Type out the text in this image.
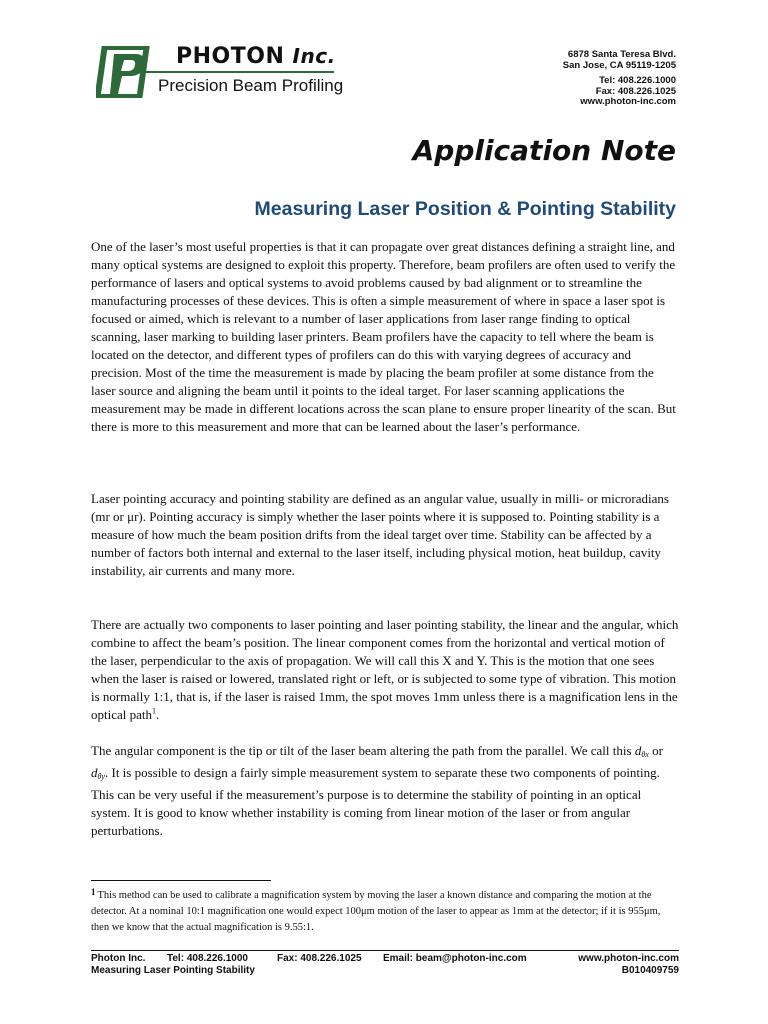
PHOTON Inc.
Precision Beam Profiling
6878 Santa Teresa Blvd.
San Jose, CA 95119-1205
Tel: 408.226.1000
Fax: 408.226.1025
www.photon-inc.com
Application Note
Measuring Laser Position & Pointing Stability

One of the laser’s most useful properties is that it can propagate over great distances defining a straight line, and many optical systems are designed to exploit this property. Therefore, beam profilers are often used to verify the performance of lasers and optical systems to avoid problems caused by bad alignment or to streamline the manufacturing processes of these devices. This is often a simple measurement of where in space a laser spot is focused or aimed, which is relevant to a number of laser applications from laser range finding to optical scanning, laser marking to building laser printers. Beam profilers have the capacity to tell where the beam is located on the detector, and different types of profilers can do this with varying degrees of accuracy and precision. Most of the time the measurement is made by placing the beam profiler at some distance from the laser source and aligning the beam until it points to the ideal target. For laser scanning applications the measurement may be made in different locations across the scan plane to ensure proper linearity of the scan. But there is more to this measurement and more that can be learned about the laser’s performance.

Laser pointing accuracy and pointing stability are defined as an angular value, usually in milli- or microradians (mr or μr). Pointing accuracy is simply whether the laser points where it is supposed to. Pointing stability is a measure of how much the beam position drifts from the ideal target over time. Stability can be affected by a number of factors both internal and external to the laser itself, including physical motion, heat buildup, cavity instability, air currents and many more.

There are actually two components to laser pointing and laser pointing stability, the linear and the angular, which combine to affect the beam’s position. The linear component comes from the horizontal and vertical motion of the laser, perpendicular to the axis of propagation. We will call this X and Y. This is the motion that one sees when the laser is raised or lowered, translated right or left, or is subjected to some type of vibration. This motion is normally 1:1, that is, if the laser is raised 1mm, the spot moves 1mm unless there is a magnification lens in the optical path$^1$.

The angular component is the tip or tilt of the laser beam altering the path from the parallel. We call this $d_{\theta x}$ or $d_{\theta y}$. It is possible to design a fairly simple measurement system to separate these two components of pointing. This can be very useful if the measurement’s purpose is to determine the stability of pointing in an optical system. It is good to know whether instability is coming from linear motion of the laser or from angular perturbations.

1 This method can be used to calibrate a magnification system by moving the laser a known distance and comparing the motion at the detector. At a nominal 10:1 magnification one would expect 100μm motion of the laser to appear as 1mm at the detector; if it is 955μm, then we know that the actual magnification is 9.55:1.
Photon Inc. Tel: 408.226.1000	Fax: 408.226.1025 Email: beam@photon-inc.com	www.photon-inc.com
Measuring Laser Pointing Stability	B010409759
